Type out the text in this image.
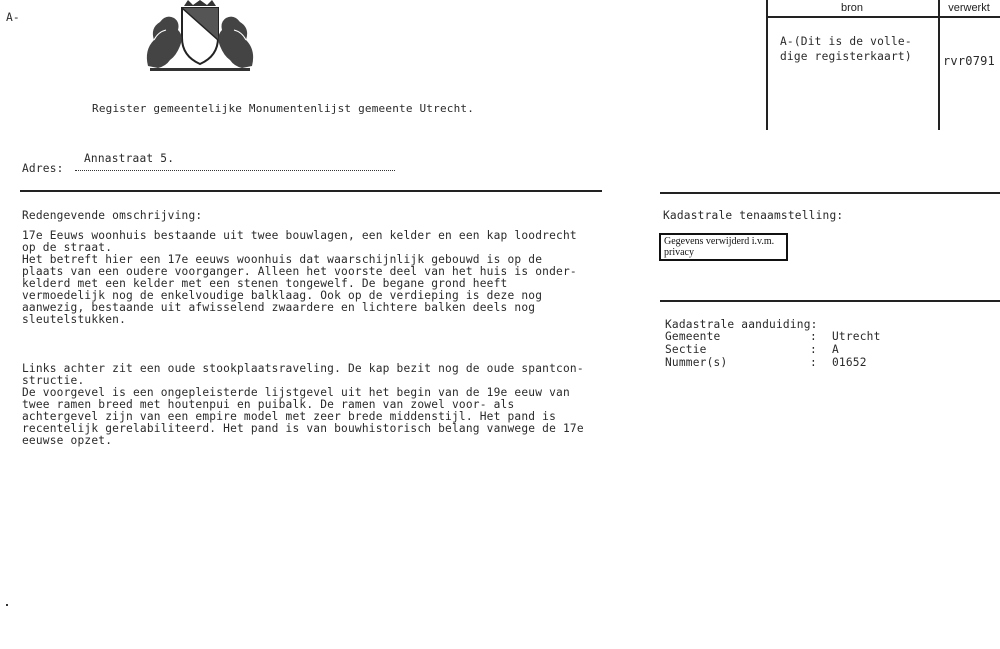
A-
bron	verwerkt
A-(Dit is de volle-
dige registerkaart)	rvr0791
Register gemeentelijke Monumentenlijst gemeente Utrecht.
Adres:
Annastraat 5.
Redengevende omschrijving:
17e Eeuws woonhuis bestaande uit twee bouwlagen, een kelder en een kap loodrecht
op de straat.
Het betreft hier een 17e eeuws woonhuis dat waarschijnlijk gebouwd is op de
plaats van een oudere voorganger. Alleen het voorste deel van het huis is onder-
kelderd met een kelder met een stenen tongewelf. De begane grond heeft
vermoedelijk nog de enkelvoudige balklaag. Ook op de verdieping is deze nog
aanwezig, bestaande uit afwisselend zwaardere en lichtere balken deels nog
sleutelstukken.
Links achter zit een oude stookplaatsraveling. De kap bezit nog de oude spantcon-
structie.
De voorgevel is een ongepleisterde lijstgevel uit het begin van de 19e eeuw van
twee ramen breed met houtenpui en puibalk. De ramen van zowel voor- als
achtergevel zijn van een empire model met zeer brede middenstijl. Het pand is
recentelijk gerelabiliteerd. Het pand is van bouwhistorisch belang vanwege de 17e
eeuwse opzet.
Kadastrale tenaamstelling:
Gegevens verwijderd i.v.m. privacy
Kadastrale aanduiding:
Gemeente	: Utrecht
Sectie	: A
Nummer(s)	: 01652
